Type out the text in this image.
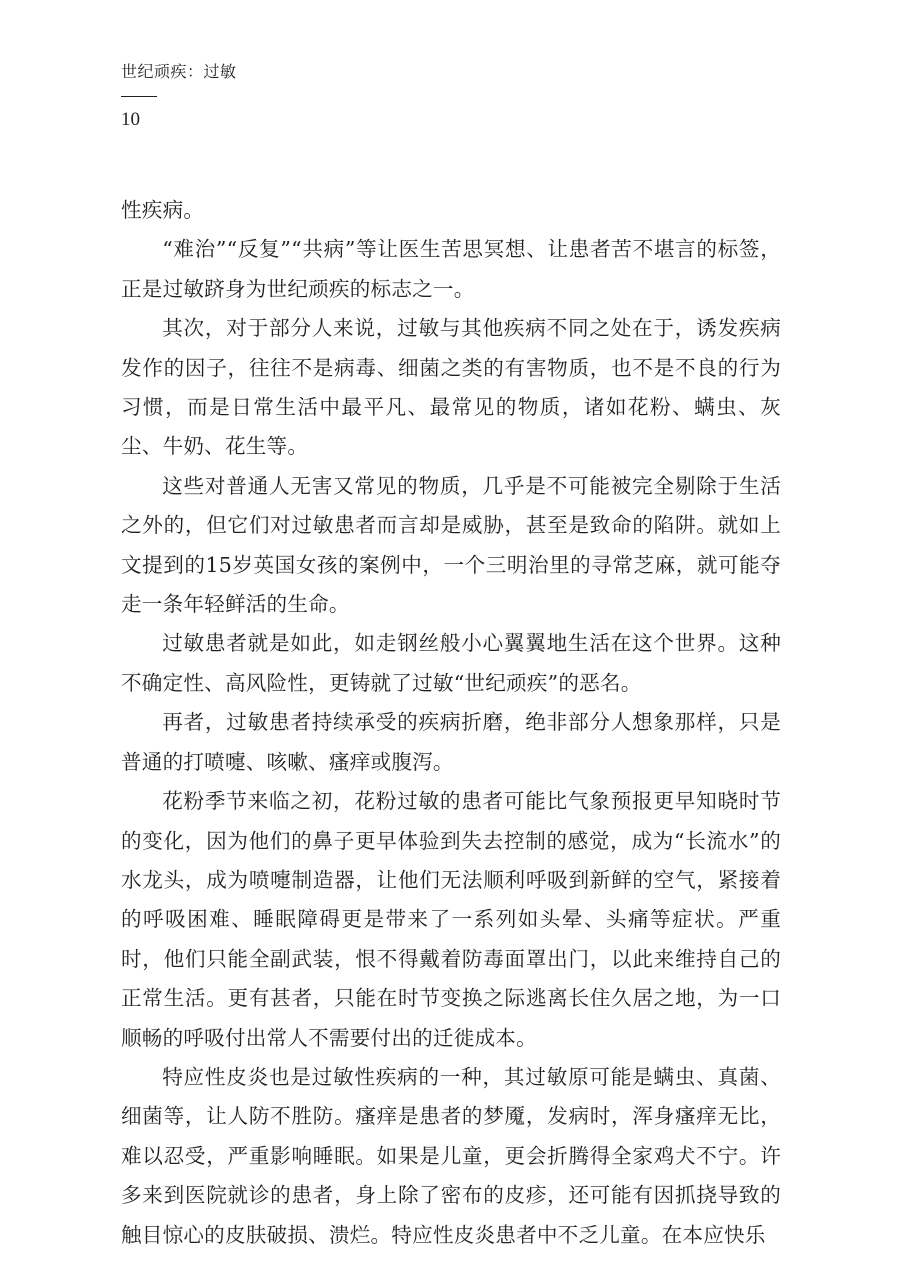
世纪顽疾：过敏
10

性疾病。

“难治”“反复”“共病”等让医生苦思冥想、让患者苦不堪言的标签，正是过敏跻身为世纪顽疾的标志之一。

其次，对于部分人来说，过敏与其他疾病不同之处在于，诱发疾病发作的因子，往往不是病毒、细菌之类的有害物质，也不是不良的行为习惯，而是日常生活中最平凡、最常见的物质，诸如花粉、螨虫、灰尘、牛奶、花生等。

这些对普通人无害又常见的物质，几乎是不可能被完全剔除于生活之外的，但它们对过敏患者而言却是威胁，甚至是致命的陷阱。就如上文提到的15岁英国女孩的案例中，一个三明治里的寻常芝麻，就可能夺走一条年轻鲜活的生命。

过敏患者就是如此，如走钢丝般小心翼翼地生活在这个世界。这种不确定性、高风险性，更铸就了过敏“世纪顽疾”的恶名。

再者，过敏患者持续承受的疾病折磨，绝非部分人想象那样，只是普通的打喷嚏、咳嗽、瘙痒或腹泻。

花粉季节来临之初，花粉过敏的患者可能比气象预报更早知晓时节的变化，因为他们的鼻子更早体验到失去控制的感觉，成为“长流水”的水龙头，成为喷嚏制造器，让他们无法顺利呼吸到新鲜的空气，紧接着的呼吸困难、睡眠障碍更是带来了一系列如头晕、头痛等症状。严重时，他们只能全副武装，恨不得戴着防毒面罩出门，以此来维持自己的正常生活。更有甚者，只能在时节变换之际逃离长住久居之地，为一口顺畅的呼吸付出常人不需要付出的迁徙成本。

特应性皮炎也是过敏性疾病的一种，其过敏原可能是螨虫、真菌、细菌等，让人防不胜防。瘙痒是患者的梦魇，发病时，浑身瘙痒无比，难以忍受，严重影响睡眠。如果是儿童，更会折腾得全家鸡犬不宁。许多来到医院就诊的患者，身上除了密布的皮疹，还可能有因抓挠导致的触目惊心的皮肤破损、溃烂。特应性皮炎患者中不乏儿童。在本应快乐
